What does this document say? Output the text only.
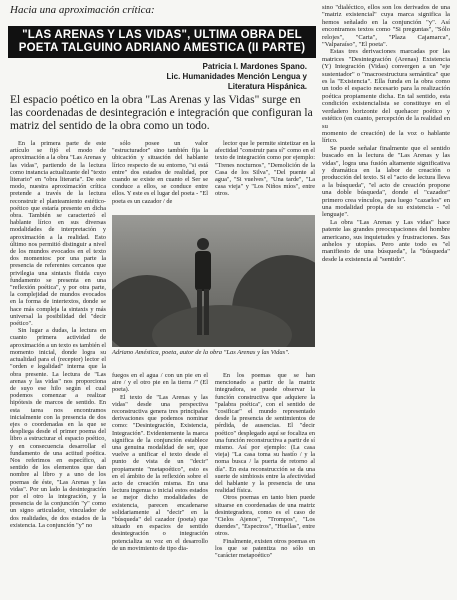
Hacia una aproximación crítica:
"LAS ARENAS Y LAS VIDAS", ULTIMA OBRA DEL
POETA TALGUINO ADRIANO AMESTICA (II PARTE)
Patricia I. Mardones Spano.
Lic. Humanidades Mención Lengua y
Literatura Hispánica.
El espacio poético en la obra "Las Arenas y las Vidas" surge en las coordenadas de desintegración e integración que configuran la matriz del sentido de la obra como un todo.

En la primera parte de este artículo se fijó el modo de aproximación a la obra "Las Arenas y las vidas", partiendo de la lectura como instancia actualizante del "texto literario" en "obra literaria". De este modo, nuestra aproximación crítica pretende a través de la lectura reconstruir el planteamiento estético-poético que estaría presente en dicha obra. También se caracterizó el hablante lírico en sus diversas modalidades de interpretación y aproximación a la realidad. Esto último nos permitió distinguir a nivel de los mundos evocados en el texto dos momentos: por una parte la presencia de referentes cercanos que privilegia una sintaxis fluida cuyo fundamento se presenta en una "reflexión poética", y por otra parte, la complejidad de mundos evocados en la forma de intertextos, donde se hace más compleja la sintaxis y más universal la posibilidad del "decir poético".

Sin lugar a dudas, la lectura en cuanto primera actividad de aproximación a un texto es también el momento inicial, donde logra su actualidad para el (receptor) lector el "orden e legalidad" interna que la obra presente. La lectura de "Las arenas y las vidas" nos proporciona de suyo ese hilo según el cual podemos comenzar a realizar hipótesis de marcos de sentido. En esta tarea nos encontramos inicialmente con la presencia de dos ejes o coordenadas en la que se despliega desde el primer poema del libro a estructurar el espacio poético, y en consecuencia desarrollar el fundamento de una actitud poética. Nos referimos en específico, al sentido de los elementos que dan nombre al libro y a uno de los poemas de éste, "Las Arenas y las vidas". Por un lado la desintegración por el otro la integración, y la presencia de la conjunción "y" como un signo articulador, vinculador de dos realidades, de dos estados de la existencia. La conjunción "y" no

sólo posee un valor "estructurador" sino también fija la ubicación y situación del hablante lírico respecto de su entorno, "si está entre" dos estados de realidad, por cuando se existe en cuanto el Ser se conduce a ellos, se conduce entre ellos. Y este es el lugar del poeta - "El poeta es un cazador / de

lector que le permite sintetizar en la afectidad "construir para sí" como en el texto de integración como por ejemplo: "Trenes nocturnos", "Demolición de la Casa de los Silva", "Del puente al agua", "Si vuelves", "Una tarde", "La casa vieja" y "Los Niños míos", entre otros.

Adriano Améstica, poeta, autor de la obra "Las Arenas y las Vidas".

fuegos en el agua / con un pie en el aire / y el otro pie en la tierra /" (El poeta).

El texto de "Las Arenas y las vidas" desde una perspectiva reconstructiva genera tres principales derivaciones que podemos nominar como: "Desintegración, Existencia, Integración". Evidentemente la marca significa de la conjunción establece una genuina modalidad de ser, que vuelve a unificar el texto desde el punto de vista de un "decir" propiamente "metapoético", esto es en el ámbito de la reflexión sobre el acto de creación misma. En una lectura ingenua o inicial estos estados se mejor dicho modalidades de existencia, parecen encadenarse solidariamente al "decir" en la "búsqueda" del cazador (poeta) que situado en espacios de sentido desintegración o integración potencializa su voz en el desarrollo de un movimiento de tipo dia-

En los poemas que se han mencionado a partir de la matriz integradora, se puede observar la función constructiva que adquiere la "palabra poética", con el sentido de "cosificar" el mundo representado desde la presencia de sentimientos de pérdida, de ausencias. El "decir poético" desplegado aquí se focaliza en una función reconstructiva a partir de sí mismo. Así por ejemplo: (La casa vieja) "La casa toma su hastío / y la noma busca / la puerta de retorno al día". En esta reconstrucción se da una suerte de simbiosis entre la afectividad del hablante y la presencia de una realidad física.

Otros poemas en tanto bien puede situarse en coordenadas de una matriz desintegradora, como es el caso de "Cielos Ajenos", "Trompos", "Los duendes", "Espectros", "Huellas", entre otros.

Finalmente, existen otros poemas en los que se patentiza no sólo un "carácter metapoético"

sino "dialéctico, ellos son los derivados de una "matriz existencial" cuya marca significa la hemos señalado en la conjunción "y". Así encontramos textos como "Si preguntas", "Sólo relojes", "Carta", "Plaza Cajamarca", "Valparaíso", "El poeta".

Estas tres derivaciones marcadas por las matrices "Desintegración (Arenas) Existencia (Y) Integración (Vidas) convergen a un "eje sustentador" o "macroestructura semántica" que es la "Existencia". Ella funda en la obra como un todo el espacio necesario para la realización poética propiamente dicha. En tal sentido, esta condición existencialista se constituye en el verdadero horizonte del quehacer poético y estético (en cuanto, percepción de la realidad en su

momento de creación) de la voz o hablante lírico.

Se puede señalar finalmente que el sentido buscado en la lectura de "Las Arenas y las vidas", logra una fusión altamente significativa y dramática en la labor de creación o producción del texto. Si el "acto de lectura lleva a la búsqueda", "el acto de creación propone una doble búsqueda", donde el "cazador" primero crea vínculos, para luego "cazarlos" en una modalidad propia de su existencia - "el lenguaje".

La obra "Las Arenas y Las vidas" hace patente las grandes preocupaciones del hombre americano, sus inquietudes y frustraciones. Sus anhelos y utopías. Pero ante todo es "el manifiesto de una búsqueda", la "búsqueda" desde la existencia al "sentido".
